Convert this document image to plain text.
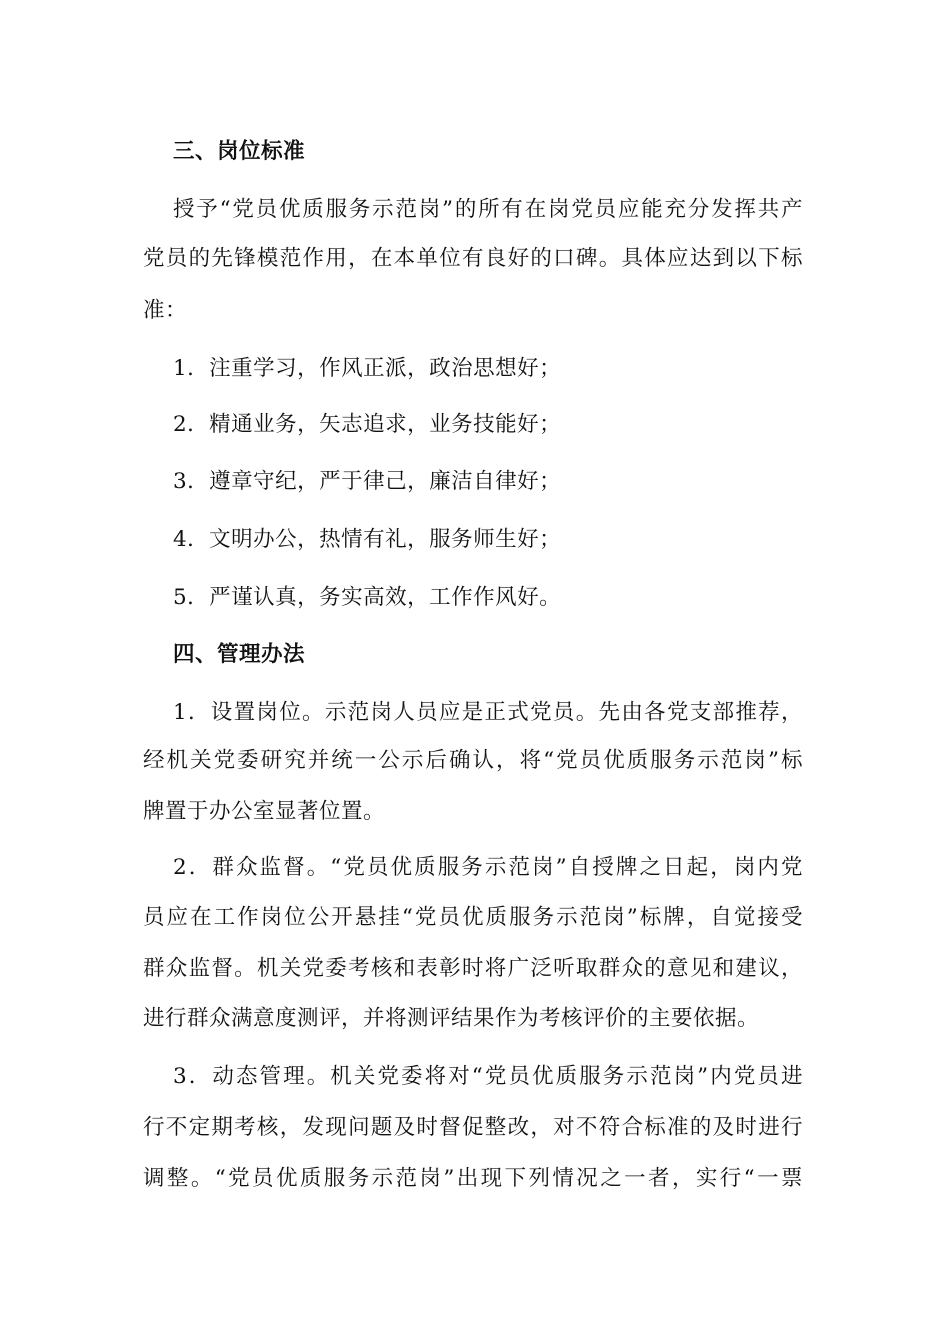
三、岗位标准
授予“党员优质服务示范岗”的所有在岗党员应能充分发挥共产
党员的先锋模范作用，在本单位有良好的口碑。具体应达到以下标
准：
1．注重学习，作风正派，政治思想好；
2．精通业务，矢志追求，业务技能好；
3．遵章守纪，严于律己，廉洁自律好；
4．文明办公，热情有礼，服务师生好；
5．严谨认真，务实高效，工作作风好。
四、管理办法
1．设置岗位。示范岗人员应是正式党员。先由各党支部推荐，
经机关党委研究并统一公示后确认，将“党员优质服务示范岗”标
牌置于办公室显著位置。
2．群众监督。“党员优质服务示范岗”自授牌之日起，岗内党
员应在工作岗位公开悬挂“党员优质服务示范岗”标牌，自觉接受
群众监督。机关党委考核和表彰时将广泛听取群众的意见和建议，
进行群众满意度测评，并将测评结果作为考核评价的主要依据。
3．动态管理。机关党委将对“党员优质服务示范岗”内党员进
行不定期考核，发现问题及时督促整改，对不符合标准的及时进行
调整。“党员优质服务示范岗”出现下列情况之一者，实行“一票
